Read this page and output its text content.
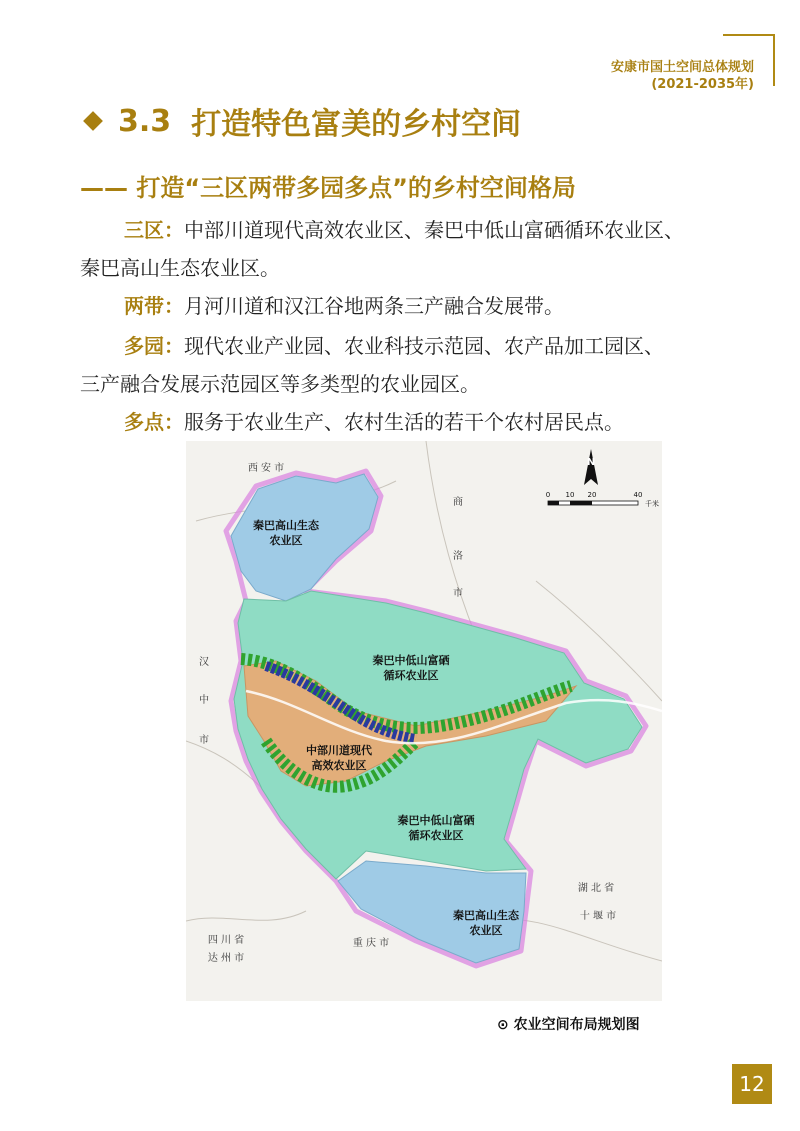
安康市国土空间总体规划
(2021-2035年)
3.3 打造特色富美的乡村空间
—— 打造“三区两带多园多点”的乡村空间格局
三区：中部川道现代高效农业区、秦巴中低山富硒循环农业区、
秦巴高山生态农业区。
两带：月河川道和汉江谷地两条三产融合发展带。
多园：现代农业产业园、农业科技示范园、农产品加工园区、
三产融合发展示范园区等多类型的农业园区。
多点：服务于农业生产、农村生活的若干个农村居民点。
秦巴高山生态
农业区
秦巴中低山富硒
循环农业区
中部川道现代
高效农业区
秦巴中低山富硒
循环农业区
秦巴高山生态
农业区
西 安 市
商
洛
市
汉
中
市
湖 北 省
十 堰 市
四 川 省
达 州 市
重 庆 市
N
0 10 20	40
千米
⊙ 农业空间布局规划图
12
